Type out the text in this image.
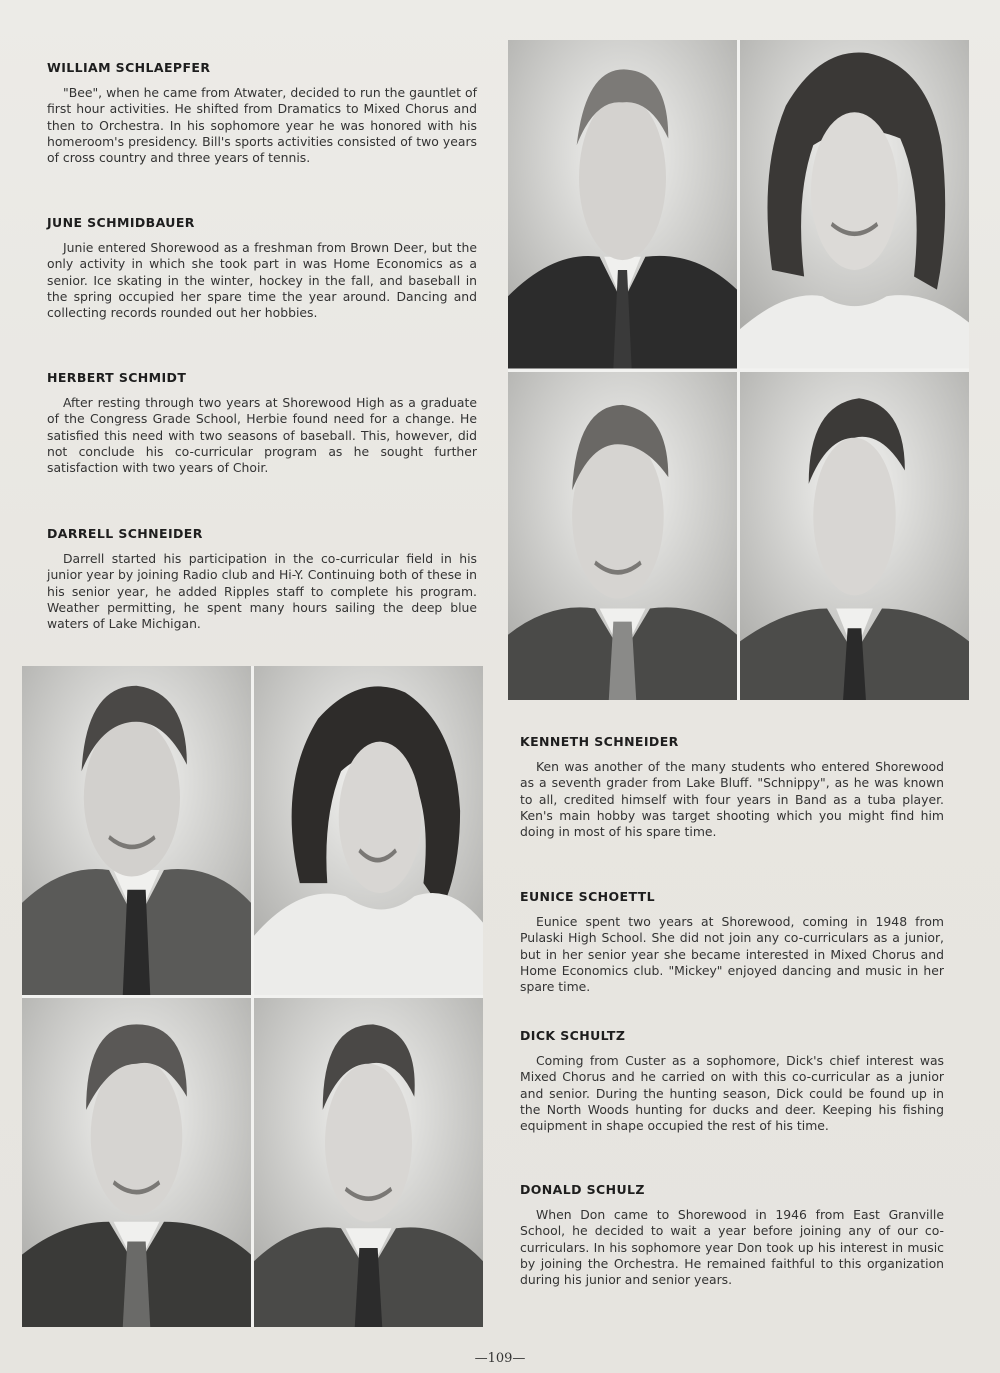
WILLIAM SCHLAEPFER

"Bee", when he came from Atwater, decided to run the gauntlet of first hour activities. He shifted from Dramatics to Mixed Chorus and then to Orchestra. In his sophomore year he was honored with his homeroom's presidency. Bill's sports activities consisted of two years of cross country and three years of tennis.

JUNE SCHMIDBAUER

Junie entered Shorewood as a freshman from Brown Deer, but the only activity in which she took part in was Home Economics as a senior. Ice skating in the winter, hockey in the fall, and baseball in the spring occupied her spare time the year around. Dancing and collecting records rounded out her hobbies.

HERBERT SCHMIDT

After resting through two years at Shorewood High as a graduate of the Congress Grade School, Herbie found need for a change. He satisfied this need with two seasons of baseball. This, however, did not conclude his co-curricular program as he sought further satisfaction with two years of Choir.

DARRELL SCHNEIDER

Darrell started his participation in the co-curricular field in his junior year by joining Radio club and Hi-Y. Continuing both of these in his senior year, he added Ripples staff to complete his program. Weather permitting, he spent many hours sailing the deep blue waters of Lake Michigan.

KENNETH SCHNEIDER

Ken was another of the many students who entered Shorewood as a seventh grader from Lake Bluff. "Schnippy", as he was known to all, credited himself with four years in Band as a tuba player. Ken's main hobby was target shooting which you might find him doing in most of his spare time.

EUNICE SCHOETTL

Eunice spent two years at Shorewood, coming in 1948 from Pulaski High School. She did not join any co-curriculars as a junior, but in her senior year she became interested in Mixed Chorus and Home Economics club. "Mickey" enjoyed dancing and music in her spare time.

DICK SCHULTZ

Coming from Custer as a sophomore, Dick's chief interest was Mixed Chorus and he carried on with this co-curricular as a junior and senior. During the hunting season, Dick could be found up in the North Woods hunting for ducks and deer. Keeping his fishing equipment in shape occupied the rest of his time.

DONALD SCHULZ

When Don came to Shorewood in 1946 from East Granville School, he decided to wait a year before joining any of our co-curriculars. In his sophomore year Don took up his interest in music by joining the Orchestra. He remained faithful to this organization during his junior and senior years.

—109—
